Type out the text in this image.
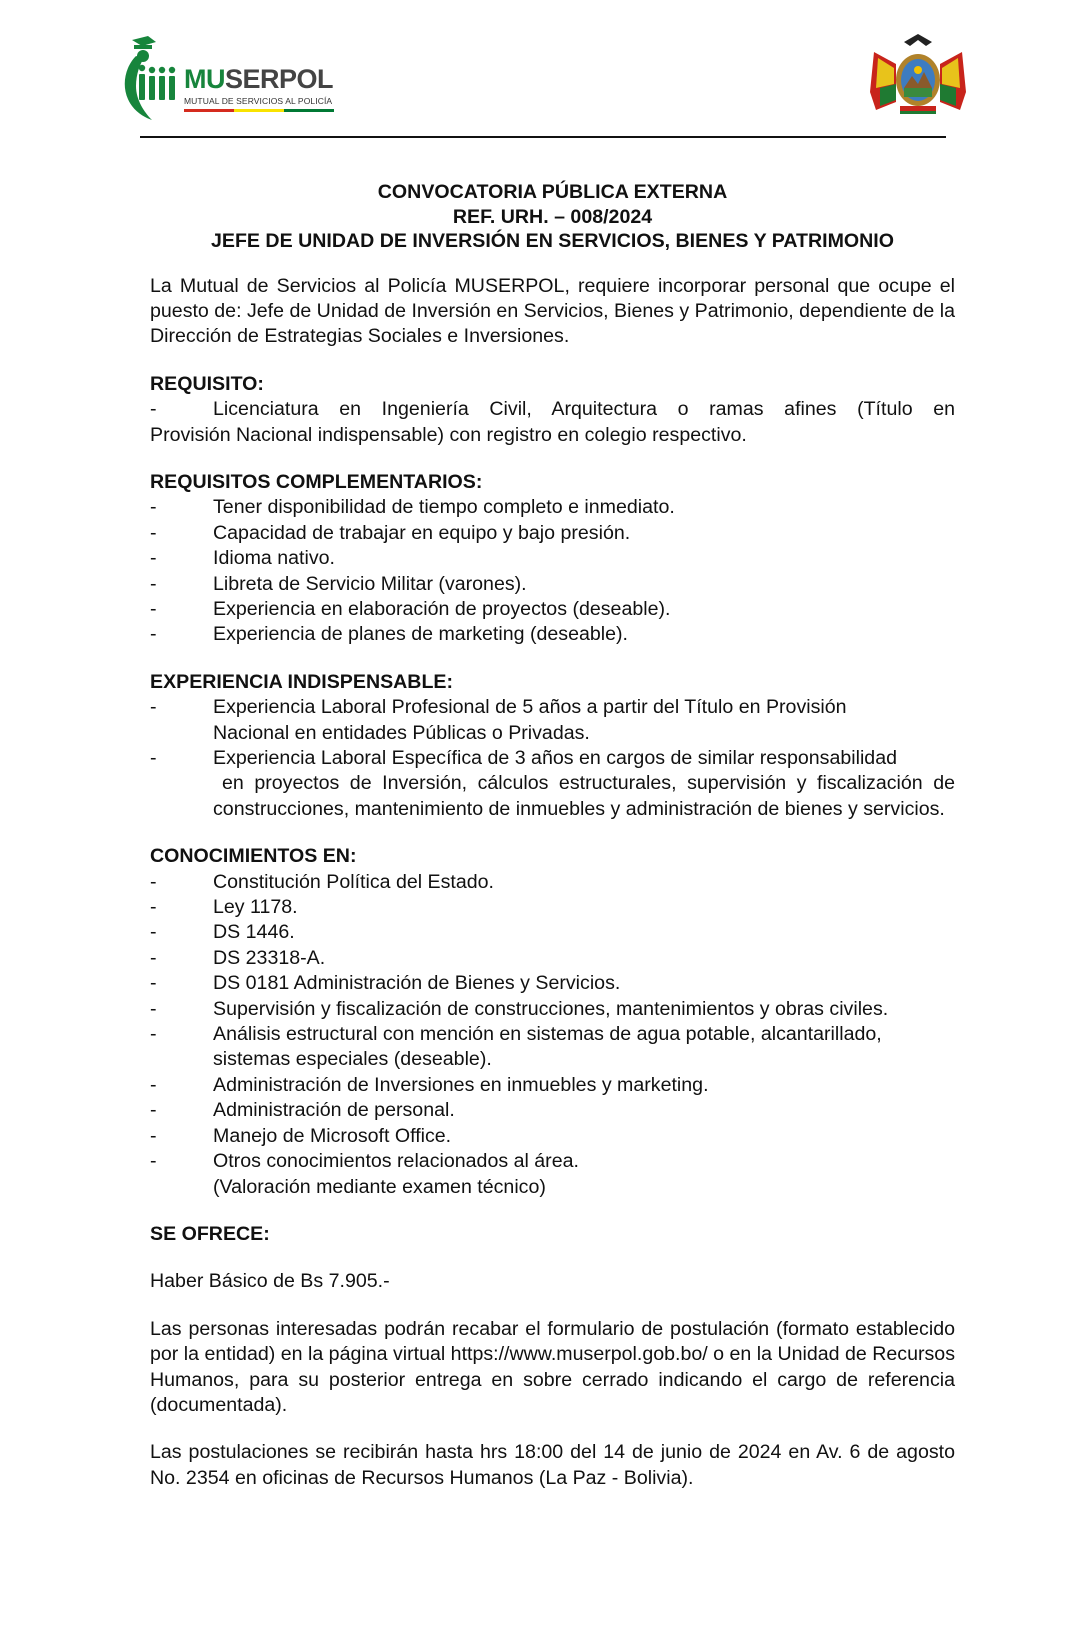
MUSERPOL
MUTUAL DE SERVICIOS AL POLICÍA

CONVOCATORIA PÚBLICA EXTERNA

REF. URH. – 008/2024

JEFE DE UNIDAD DE INVERSIÓN EN SERVICIOS, BIENES Y PATRIMONIO

La Mutual de Servicios al Policía MUSERPOL, requiere incorporar personal que ocupe el puesto de: Jefe de Unidad de Inversión en Servicios, Bienes y Patrimonio, dependiente de la Dirección de Estrategias Sociales e Inversiones.

REQUISITO:

-	Licenciatura en Ingeniería Civil, Arquitectura o ramas afines (Título en

Provisión Nacional indispensable) con registro en colegio respectivo.

REQUISITOS COMPLEMENTARIOS:

-	Tener disponibilidad de tiempo completo e inmediato.
-	Capacidad de trabajar en equipo y bajo presión.
-	Idioma nativo.
-	Libreta de Servicio Militar (varones).
-	Experiencia en elaboración de proyectos (deseable).
-	Experiencia de planes de marketing (deseable).

EXPERIENCIA INDISPENSABLE:

-	Experiencia Laboral Profesional de 5 años a partir del Título en Provisión
Nacional en entidades Públicas o Privadas.
-	Experiencia Laboral Específica de 3 años en cargos de similar responsabilidad
en proyectos de Inversión, cálculos estructurales, supervisión y fiscalización de construcciones, mantenimiento de inmuebles y administración de bienes y servicios.

CONOCIMIENTOS EN:

-	Constitución Política del Estado.
-	Ley 1178.
-	DS 1446.
-	DS 23318-A.
-	DS 0181 Administración de Bienes y Servicios.
-	Supervisión y fiscalización de construcciones, mantenimientos y obras civiles.
-	Análisis estructural con mención en sistemas de agua potable, alcantarillado,
sistemas especiales (deseable).
-	Administración de Inversiones en inmuebles y marketing.
-	Administración de personal.
-	Manejo de Microsoft Office.
-	Otros conocimientos relacionados al área.

(Valoración mediante examen técnico)

SE OFRECE:

Haber Básico de Bs 7.905.-

Las personas interesadas podrán recabar el formulario de postulación (formato establecido por la entidad) en la página virtual https://www.muserpol.gob.bo/ o en la Unidad de Recursos Humanos, para su posterior entrega en sobre cerrado indicando el cargo de referencia (documentada).

Las postulaciones se recibirán hasta hrs 18:00 del 14 de junio de 2024 en Av. 6 de agosto No. 2354 en oficinas de Recursos Humanos (La Paz - Bolivia).
